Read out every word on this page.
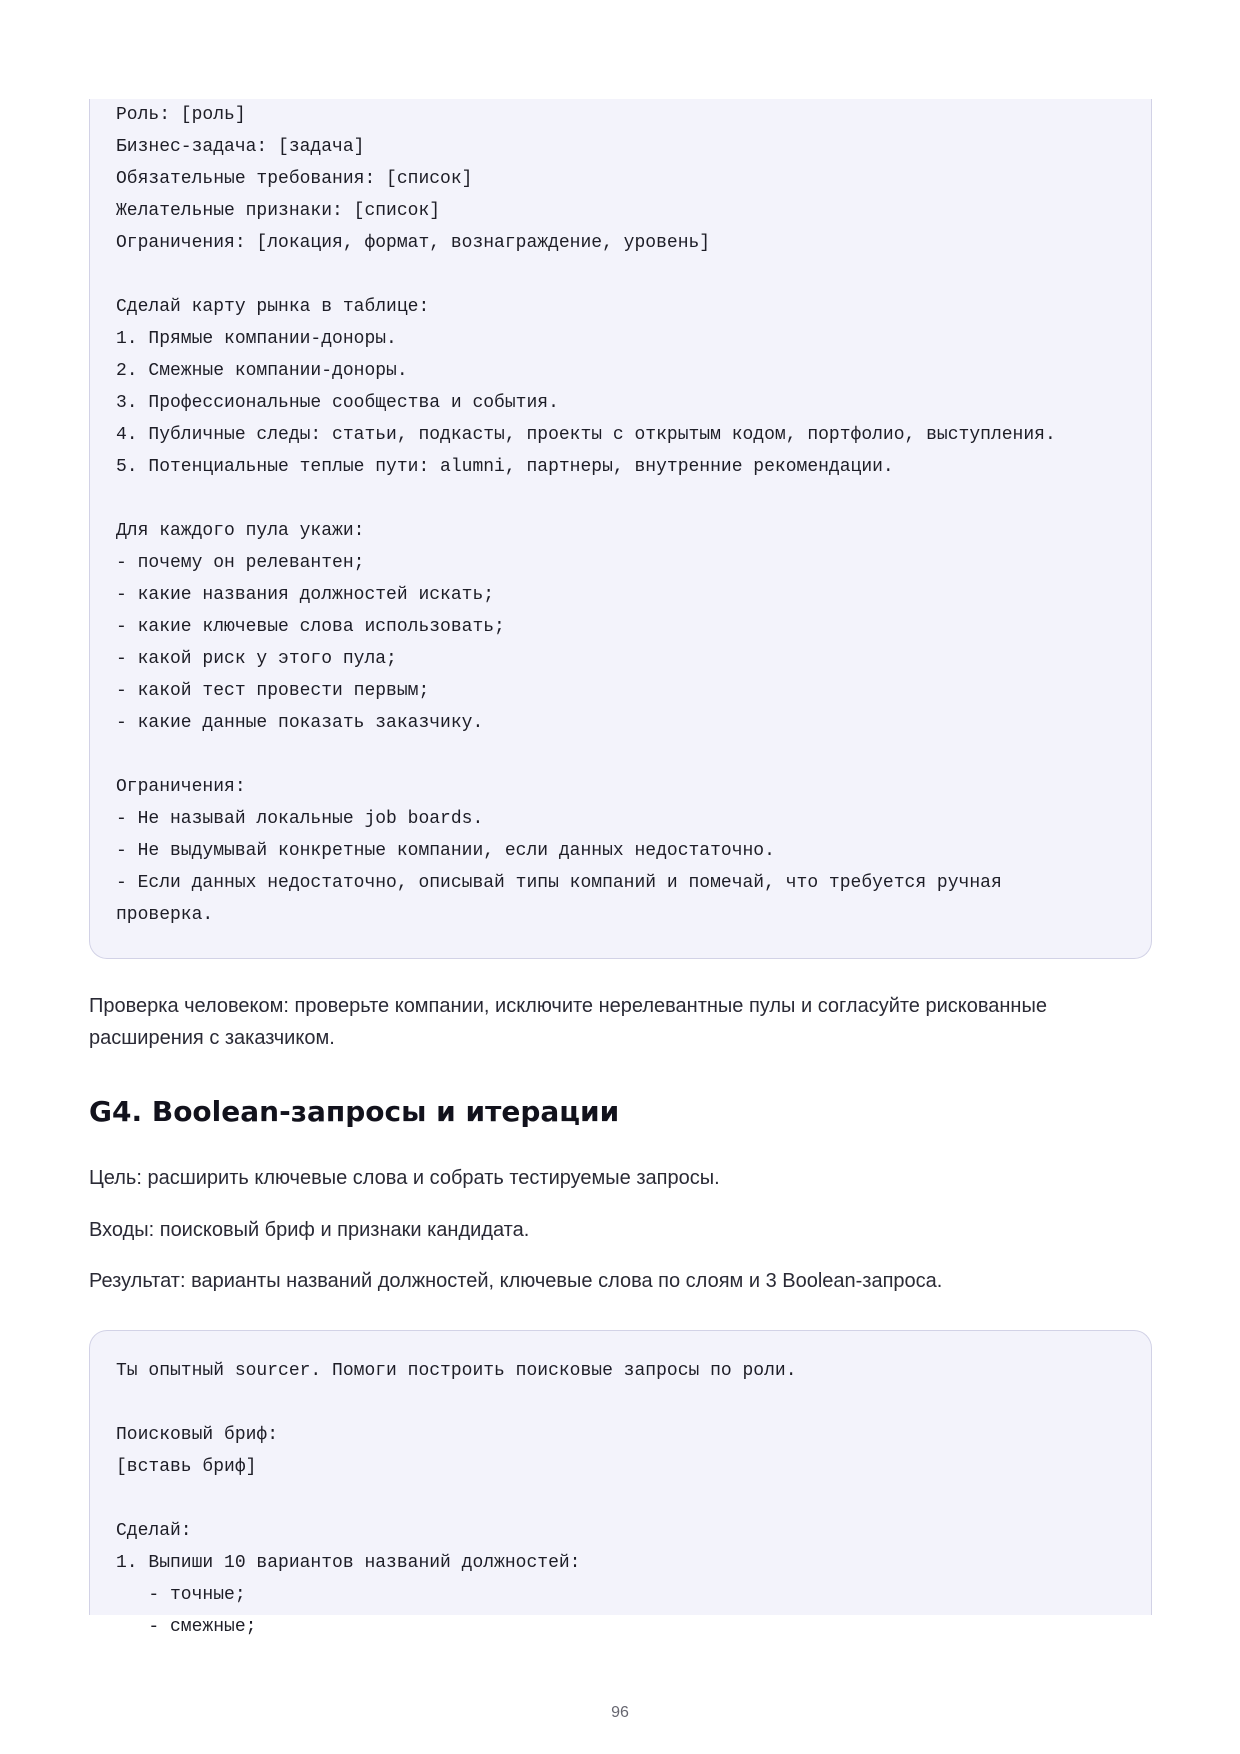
Роль: [роль]
Бизнес-задача: [задача]
Обязательные требования: [список]
Желательные признаки: [список]
Ограничения: [локация, формат, вознаграждение, уровень]
Сделай карту рынка в таблице:
1. Прямые компании-доноры.
2. Смежные компании-доноры.
3. Профессиональные сообщества и события.
4. Публичные следы: статьи, подкасты, проекты с открытым кодом, портфолио, выступления.
5. Потенциальные теплые пути: alumni, партнеры, внутренние рекомендации.
Для каждого пула укажи:
- почему он релевантен;
- какие названия должностей искать;
- какие ключевые слова использовать;
- какой риск у этого пула;
- какой тест провести первым;
- какие данные показать заказчику.
Ограничения:
- Не называй локальные job boards.
- Не выдумывай конкретные компании, если данных недостаточно.
- Если данных недостаточно, описывай типы компаний и помечай, что требуется ручная
проверка.

Проверка человеком: проверьте компании, исключите нерелевантные пулы и согласуйте рискованные расширения с заказчиком.

G4. Boolean-запросы и итерации

Цель: расширить ключевые слова и собрать тестируемые запросы.

Входы: поисковый бриф и признаки кандидата.

Результат: варианты названий должностей, ключевые слова по слоям и 3 Boolean-запроса.

Ты опытный sourcer. Помоги построить поисковые запросы по роли.
Поисковый бриф:
[вставь бриф]
Сделай:
1. Выпиши 10 вариантов названий должностей:
- точные;
- смежные;
96
